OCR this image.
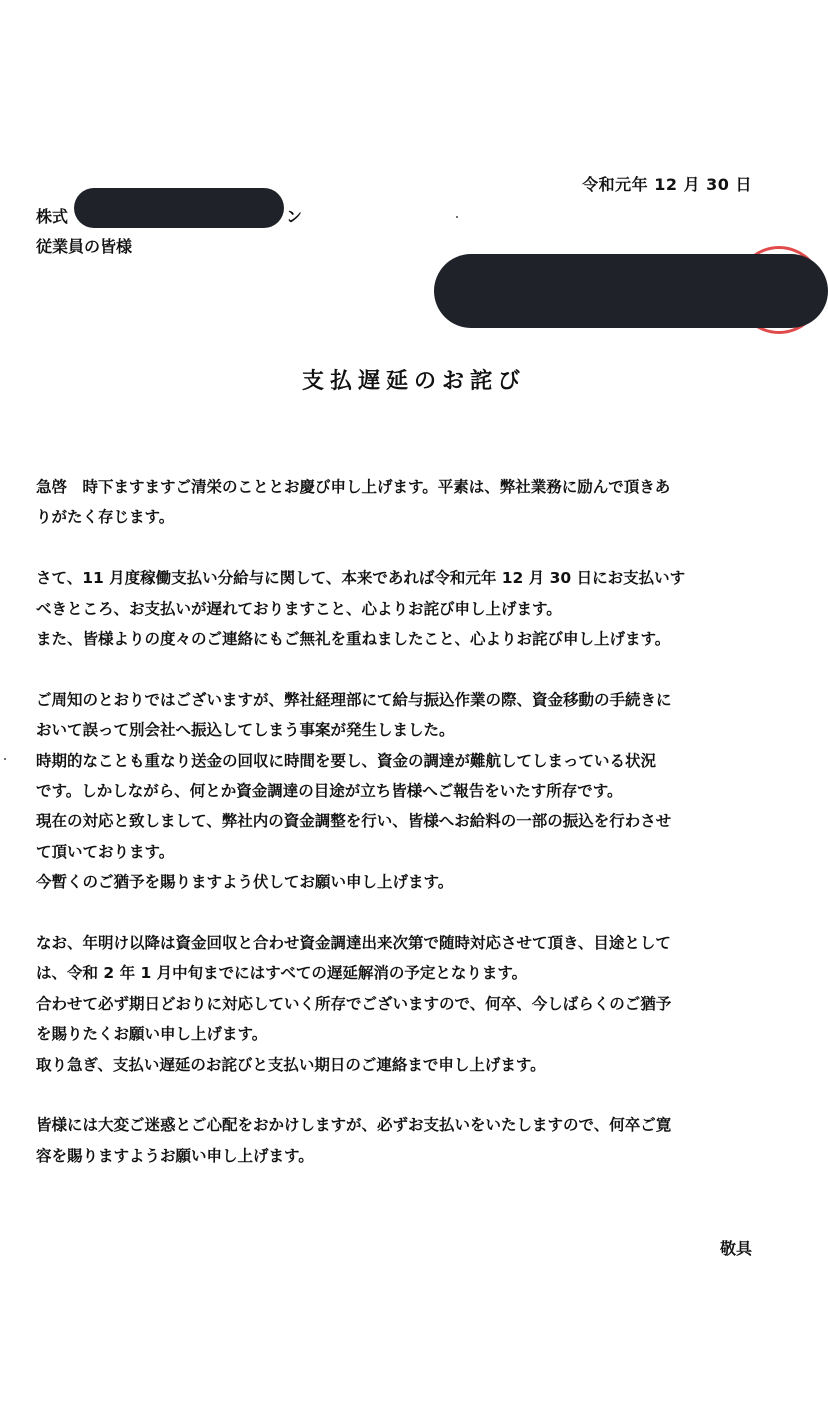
令和元年 12 月 30 日
株式	ン
従業員の皆様
支払遅延のお詫び

急啓　時下ますますご清栄のこととお慶び申し上げます。平素は、弊社業務に励んで頂きあ
りがたく存じます。

さて、11 月度稼働支払い分給与に関して、本来であれば令和元年 12 月 30 日にお支払いす
べきところ、お支払いが遅れておりますこと、心よりお詫び申し上げます。
また、皆様よりの度々のご連絡にもご無礼を重ねましたこと、心よりお詫び申し上げます。

ご周知のとおりではございますが、弊社経理部にて給与振込作業の際、資金移動の手続きに
おいて誤って別会社へ振込してしまう事案が発生しました。
時期的なことも重なり送金の回収に時間を要し、資金の調達が難航してしまっている状況
です。しかしながら、何とか資金調達の目途が立ち皆様へご報告をいたす所存です。
現在の対応と致しまして、弊社内の資金調整を行い、皆様へお給料の一部の振込を行わさせ
て頂いております。
今暫くのご猶予を賜りますよう伏してお願い申し上げます。

なお、年明け以降は資金回収と合わせ資金調達出来次第で随時対応させて頂き、目途として
は、令和 2 年 1 月中旬までにはすべての遅延解消の予定となります。
合わせて必ず期日どおりに対応していく所存でございますので、何卒、今しばらくのご猶予
を賜りたくお願い申し上げます。
取り急ぎ、支払い遅延のお詫びと支払い期日のご連絡まで申し上げます。

皆様には大変ご迷惑とご心配をおかけしますが、必ずお支払いをいたしますので、何卒ご寛
容を賜りますようお願い申し上げます。

敬具
